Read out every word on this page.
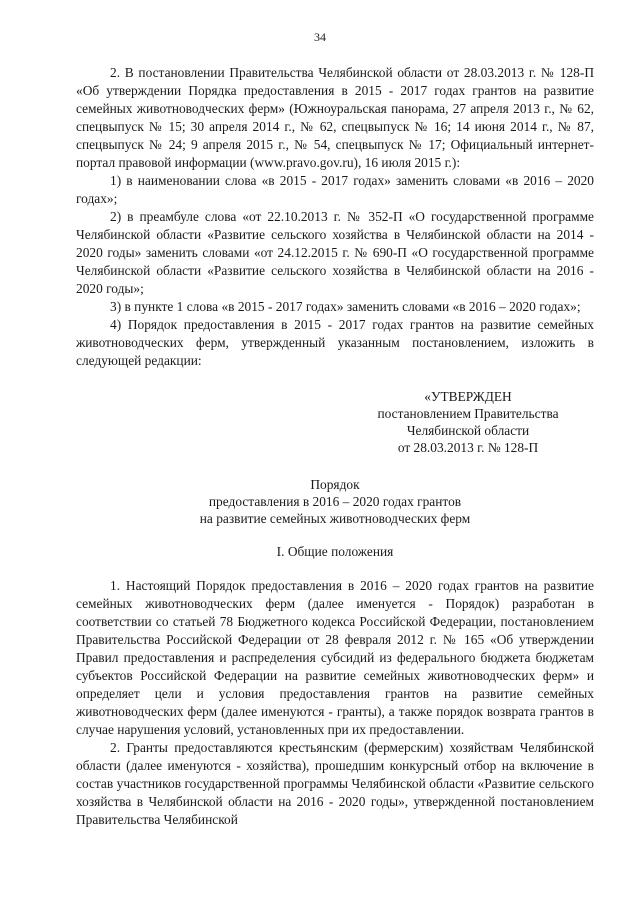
34

2. В постановлении Правительства Челябинской области от 28.03.2013 г. № 128-П «Об утверждении Порядка предоставления в 2015 - 2017 годах грантов на развитие семейных животноводческих ферм» (Южноуральская панорама, 27 апреля 2013 г., № 62, спецвыпуск № 15; 30 апреля 2014 г., № 62, спецвыпуск № 16; 14 июня 2014 г., № 87, спецвыпуск № 24; 9 апреля 2015 г., № 54, спецвыпуск № 17; Официальный интернет-портал правовой информации (www.pravo.gov.ru), 16 июля 2015 г.):

1) в наименовании слова «в 2015 - 2017 годах» заменить словами «в 2016 – 2020 годах»;

2) в преамбуле слова «от 22.10.2013 г. № 352-П «О государственной программе Челябинской области «Развитие сельского хозяйства в Челябинской области на 2014 - 2020 годы» заменить словами «от 24.12.2015 г. № 690-П «О государственной программе Челябинской области «Развитие сельского хозяйства в Челябинской области на 2016 - 2020 годы»;

3) в пункте 1 слова «в 2015 - 2017 годах» заменить словами «в 2016 – 2020 годах»;

4) Порядок предоставления в 2015 - 2017 годах грантов на развитие семейных животноводческих ферм, утвержденный указанным постановлением, изложить в следующей редакции:

«УТВЕРЖДЕН
постановлением Правительства
Челябинской области
от 28.03.2013 г. № 128-П
Порядок
предоставления в 2016 – 2020 годах грантов
на развитие семейных животноводческих ферм
I. Общие положения

1. Настоящий Порядок предоставления в 2016 – 2020 годах грантов на развитие семейных животноводческих ферм (далее именуется - Порядок) разработан в соответствии со статьей 78 Бюджетного кодекса Российской Федерации, постановлением Правительства Российской Федерации от 28 февраля 2012 г. № 165 «Об утверждении Правил предоставления и распределения субсидий из федерального бюджета бюджетам субъектов Российской Федерации на развитие семейных животноводческих ферм» и определяет цели и условия предоставления грантов на развитие семейных животноводческих ферм (далее именуются - гранты), а также порядок возврата грантов в случае нарушения условий, установленных при их предоставлении.

2. Гранты предоставляются крестьянским (фермерским) хозяйствам Челябинской области (далее именуются - хозяйства), прошедшим конкурсный отбор на включение в состав участников государственной программы Челябинской области «Развитие сельского хозяйства в Челябинской области на 2016 - 2020 годы», утвержденной постановлением Правительства Челябинской
